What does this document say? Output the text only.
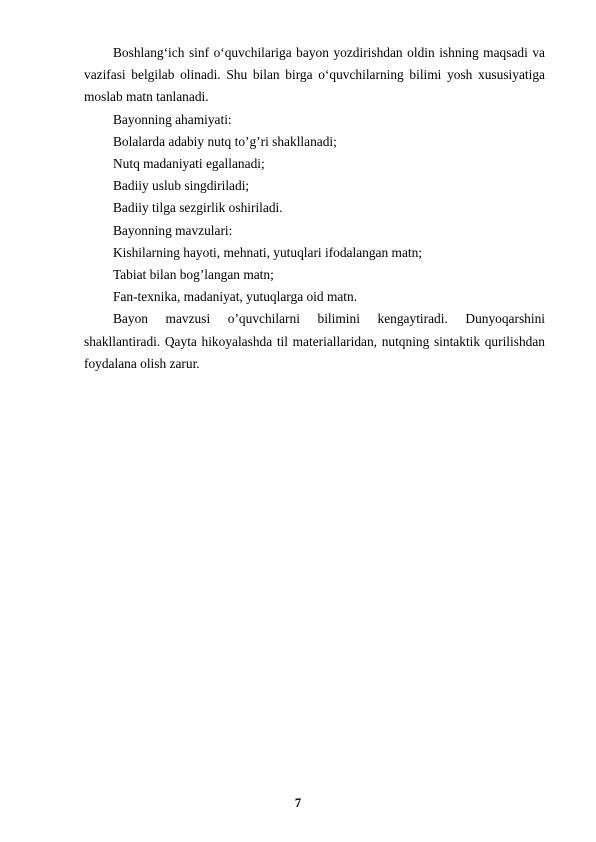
Boshlang‘ich sinf o‘quvchilariga bayon yozdirishdan oldin ishning maqsadi va vazifasi belgilab olinadi. Shu bilan birga o‘quvchilarning bilimi yosh xususiyatiga moslab matn tanlanadi.

Bayonning ahamiyati:

Bolalarda adabiy nutq to’g’ri shakllanadi;

Nutq madaniyati egallanadi;

Badiiy uslub singdiriladi;

Badiiy tilga sezgirlik oshiriladi.

Bayonning mavzulari:

Kishilarning hayoti, mehnati, yutuqlari ifodalangan matn;

Tabiat bilan bog’langan matn;

Fan-texnika, madaniyat, yutuqlarga oid matn.

Bayon mavzusi o’quvchilarni bilimini kengaytiradi. Dunyoqarshini shakllantiradi. Qayta hikoyalashda til materiallaridan, nutqning sintaktik qurilishdan foydalana olish zarur.

7
